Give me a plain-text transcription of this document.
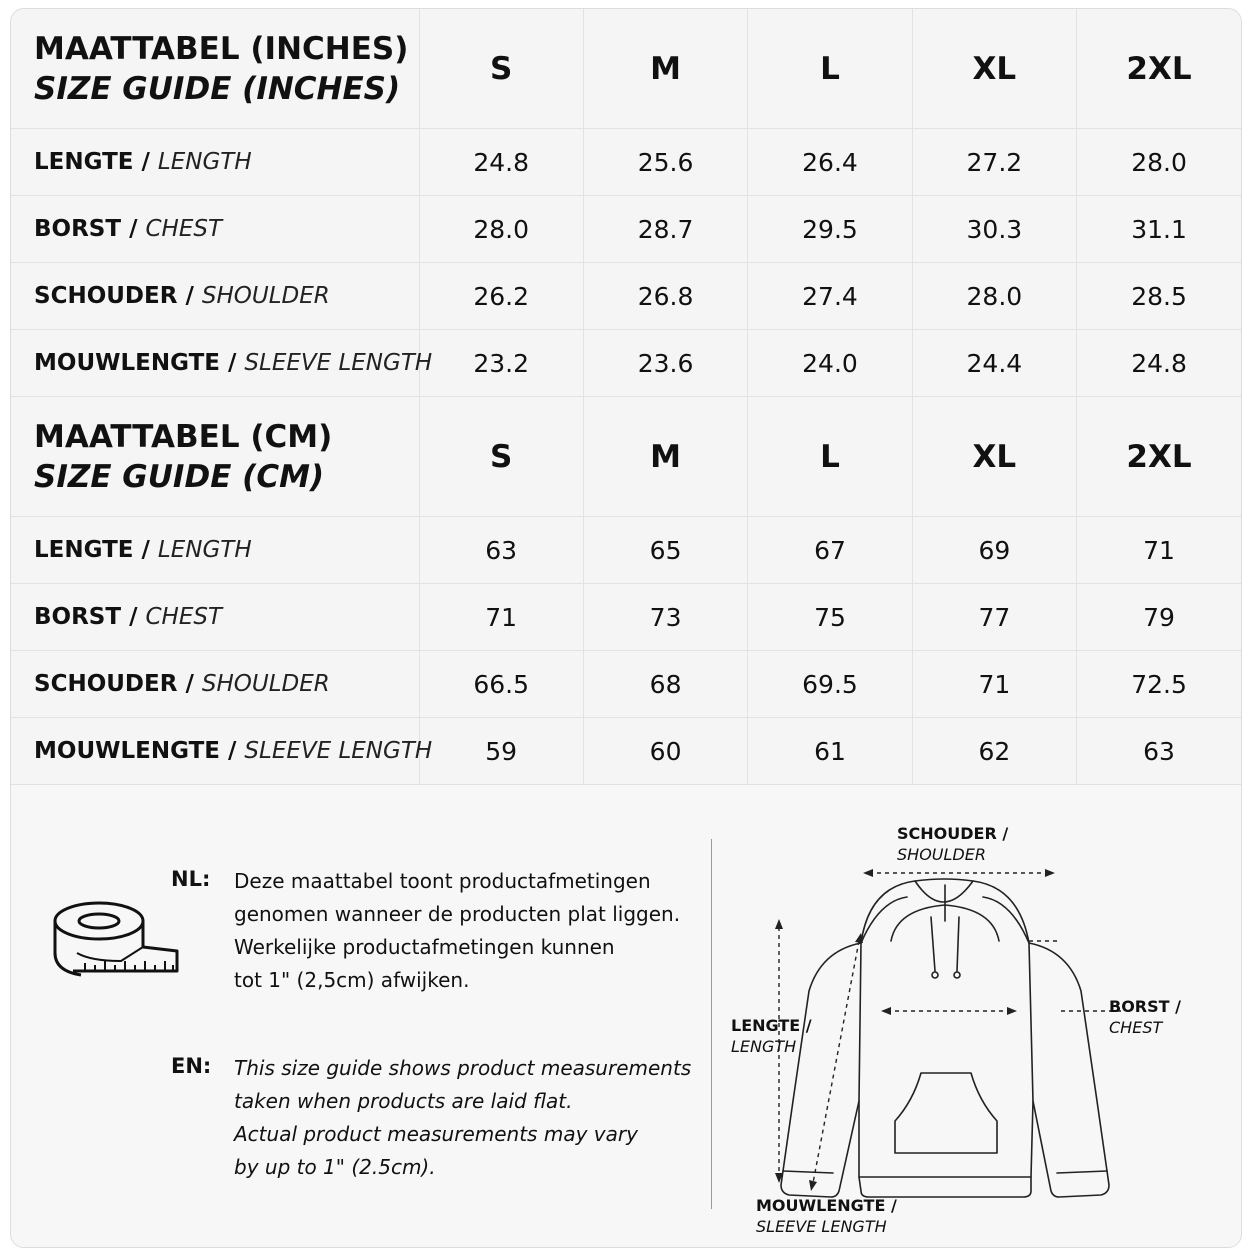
MAATTABEL (INCHES)
SIZE GUIDE (INCHES)	S	M	L	XL	2XL
LENGTE / LENGTH	24.8	25.6	26.4	27.2	28.0
BORST / CHEST	28.0	28.7	29.5	30.3	31.1
SCHOUDER / SHOULDER	26.2	26.8	27.4	28.0	28.5
MOUWLENGTE / SLEEVE LENGTH	23.2	23.6	24.0	24.4	24.8

MAATTABEL (CM)
SIZE GUIDE (CM)	S	M	L	XL	2XL
LENGTE / LENGTH	63	65	67	69	71
BORST / CHEST	71	73	75	77	79
SCHOUDER / SHOULDER	66.5	68	69.5	71	72.5
MOUWLENGTE / SLEEVE LENGTH	59	60	61	62	63
NL: Deze maattabel toont productafmetingen
genomen wanneer de producten plat liggen.
Werkelijke productafmetingen kunnen
tot 1" (2,5cm) afwijken.
EN: This size guide shows product measurements
taken when products are laid flat.
Actual product measurements may vary
by up to 1" (2.5cm).
SCHOUDER /
SHOULDER
BORST /
CHEST
LENGTE /
LENGTH
MOUWLENGTE /
SLEEVE LENGTH
